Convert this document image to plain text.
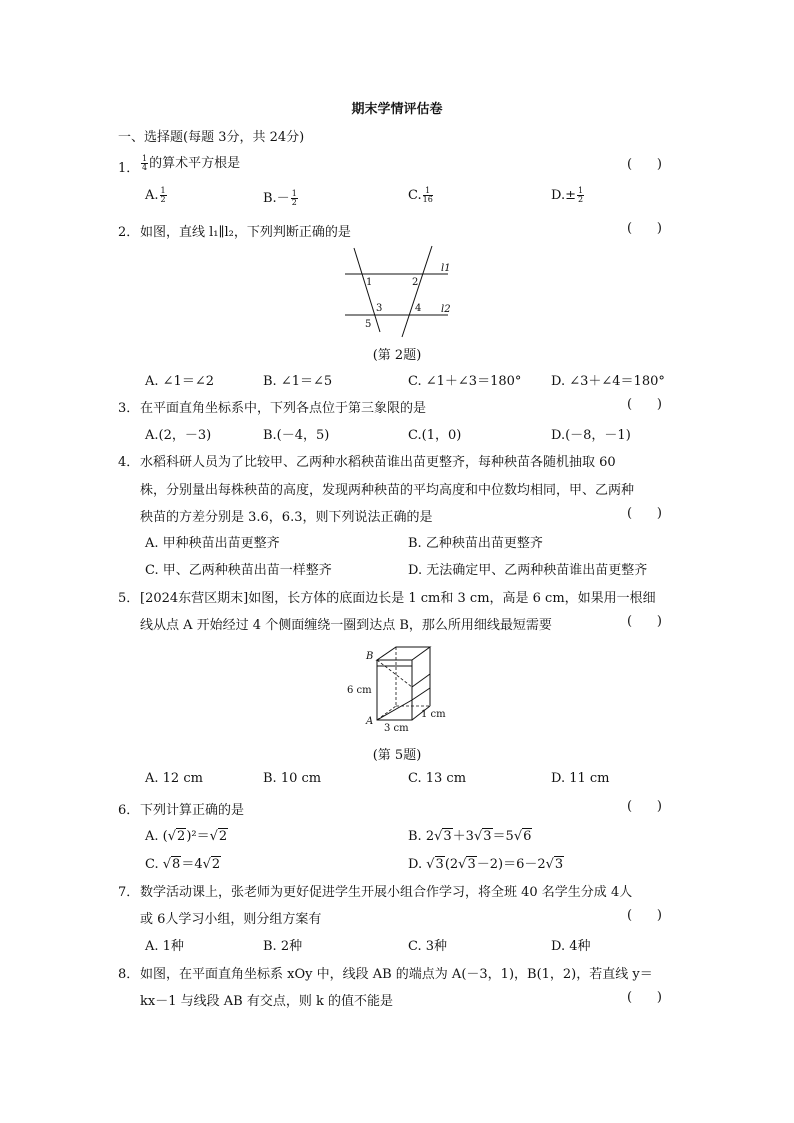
期末学情评估卷
一、选择题(每题 3分，共 24分)
1． $\frac{1}{4}$ 的算术平方根是	(      )
A. $\frac{1}{2}$	$B.- \frac{1}{2}$	C. $\frac{1}{16}$	$D.\pm \frac{1}{2}$
2． 如图，直线 l₁∥l₂，下列判断正确的是	(      )
l1
l2
1	2
3	4
5
(第 2题)
A. ∠1＝∠2	B. ∠1＝∠5	C. ∠1＋∠3＝180° D. ∠3＋∠4＝180°
3． 在平面直角坐标系中，下列各点位于第三象限的是	(      )
A.(2，－3)	B.(－4，5)	C.(1，0)	D.(－8，－1)
4． 水稻科研人员为了比较甲、乙两种水稻秧苗谁出苗更整齐，每种秧苗各随机抽取 60
株，分别量出每株秧苗的高度，发现两种秧苗的平均高度和中位数均相同，甲、乙两种
秧苗的方差分别是 3.6，6.3，则下列说法正确的是	(      )
A. 甲种秧苗出苗更整齐	B. 乙种秧苗出苗更整齐
C. 甲、乙两种秧苗出苗一样整齐	D. 无法确定甲、乙两种秧苗谁出苗更整齐
5． [2024东营区期末]如图，长方体的底面边长是 1 cm和 3 cm，高是 6 cm，如果用一根细
线从点 A 开始经过 4 个侧面缠绕一圈到达点 B，那么所用细线最短需要	(      )
B
A
6 cm
3 cm
1 cm
(第 5题)
A. 12 cm	B. 10 cm	C. 13 cm	D. 11 cm
6． 下列计算正确的是	(      )
A. (√2)²＝√2	B. 2√3＋3√3＝5√6
C. √8＝4√2	D. √3(2√3－2)＝6－2√3
7． 数学活动课上，张老师为更好促进学生开展小组合作学习，将全班 40 名学生分成 4人
或 6人学习小组，则分组方案有	(      )
A. 1种	B. 2种	C. 3种	D. 4种
8． 如图，在平面直角坐标系 xOy 中，线段 AB 的端点为 A(－3，1)，B(1，2)，若直线 y＝
kx－1 与线段 AB 有交点，则 k 的值不能是	(      )
